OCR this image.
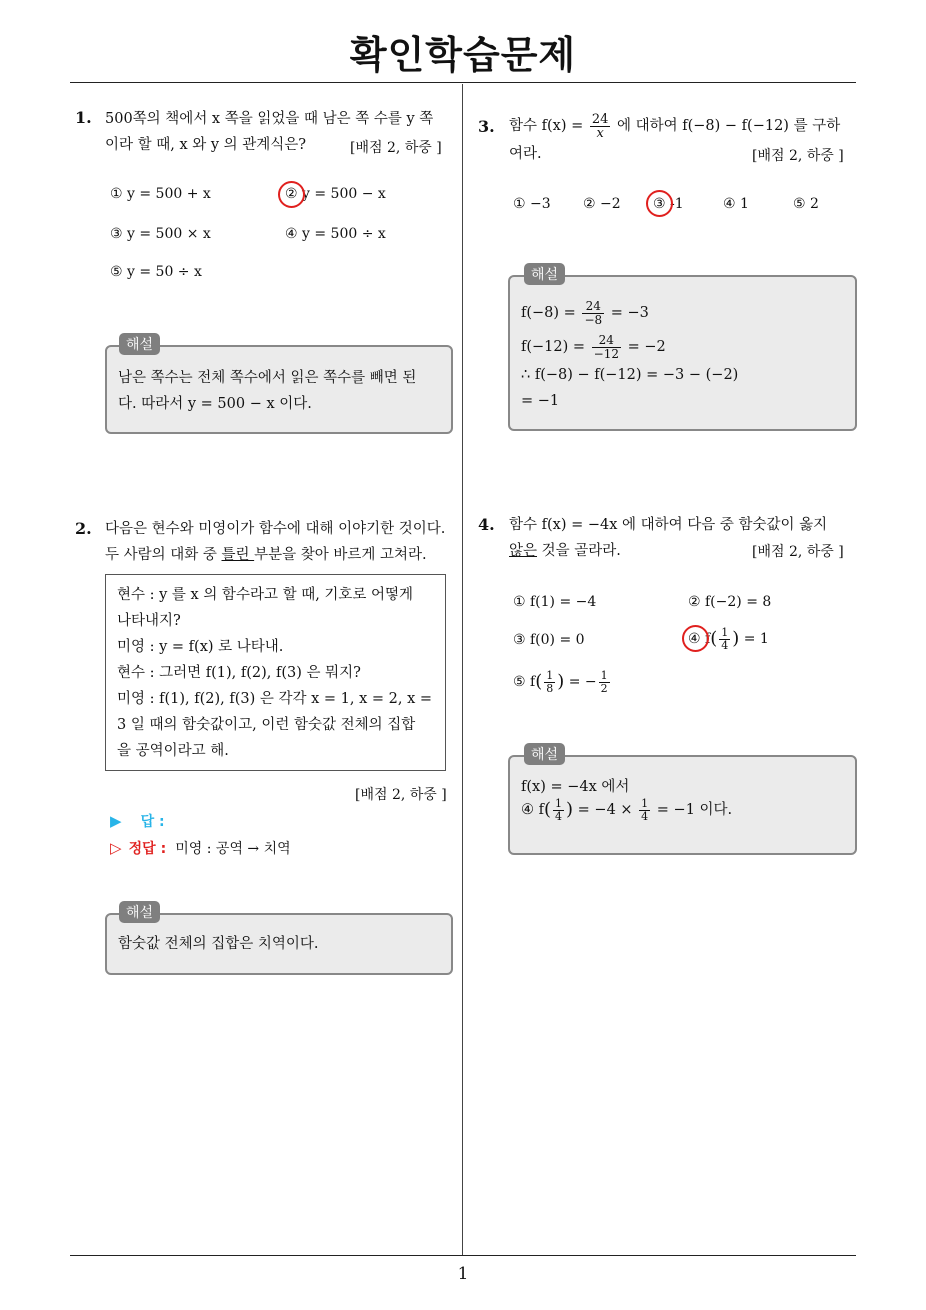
확인학습문제
1. 500쪽의 책에서 x 쪽을 읽었을 때 남은 쪽 수를 y 쪽
이라 할 때, x 와 y 의 관계식은?	[배점 2, 하중 ]
① y = 500 + x	② y = 500 − x
③ y = 500 × x	④ y = 500 ÷ x
⑤ y = 50 ÷ x
해설
남은 쪽수는 전체 쪽수에서 읽은 쪽수를 빼면 된
다. 따라서 y = 500 − x 이다.
2. 다음은 현수와 미영이가 함수에 대해 이야기한 것이다.
두 사람의 대화 중 틀린 부분을 찾아 바르게 고쳐라.
현수 : y 를 x 의 함수라고 할 때, 기호로 어떻게
나타내지?
미영 : y = f(x) 로 나타내.
현수 : 그러면 f(1), f(2), f(3) 은 뭐지?
미영 : f(1), f(2), f(3) 은 각각 x = 1, x = 2, x =
3 일 때의 함숫값이고, 이런 함숫값 전체의 집합
을 공역이라고 해.
[배점 2, 하중 ]
▶ 답 :
▷ 정답 : 미영 : 공역 → 치역
해설
함숫값 전체의 집합은 치역이다.
3. 함수 $f(x) = \frac{24}{x}$ 에 대하여 f(−8) − f(−12) 를 구하
여라.	[배점 2, 하중 ]
① −3 ② −2 ③ -1	④ 1	⑤ 2
해설
$f(-8) = \frac{24}{-8} = -3$
$f(-12) = \frac{24}{-12} = -2$
∴ f(−8) − f(−12) = −3 − (−2)
= −1
4. 함수 f(x) = −4x 에 대하여 다음 중 함숫값이 옳지
않은 것을 골라라.	[배점 2, 하중 ]
① f(1) = −4	② f(−2) = 8
③ f(0) = 0	④ $f( \frac{1}{4}$ ) = 1
⑤ $f( \frac{1}{8}$ ) = − $\frac{1}{2}$
해설
f(x) = −4x 에서
④ $f( \frac{1}{4}$ ) = $-4 \times \frac{1}{4} = -1$ 이다.
1
